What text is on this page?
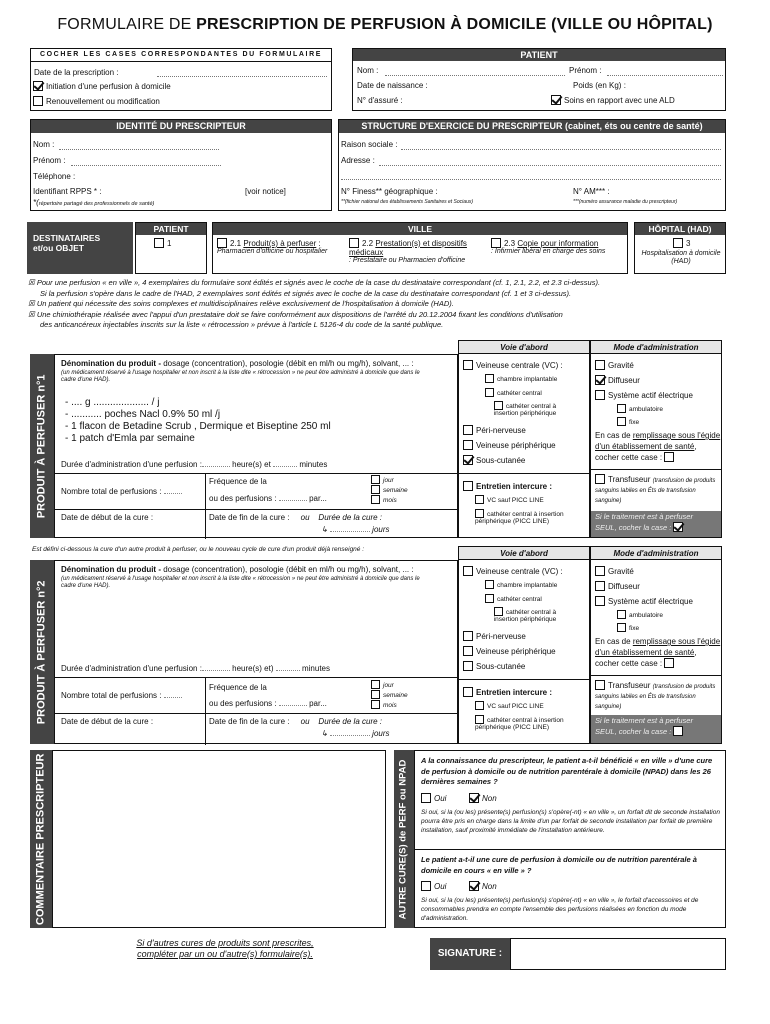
FORMULAIRE DE PRESCRIPTION DE PERFUSION À DOMICILE (VILLE OU HÔPITAL)
COCHER LES CASES CORRESPONDANTES DU FORMULAIRE
Date de la prescription :
Initiation d'une perfusion à domicile
Renouvellement ou modification
PATIENT
Nom :	Prénom :
Date de naissance :	Poids (en Kg) :
N° d'assuré :	Soins en rapport avec une ALD
IDENTITÉ DU PRESCRIPTEUR
Nom :
Prénom :
Téléphone :
Identifiant RPPS * :	[voir notice]
*(répertoire partagé des professionnels de santé)
STRUCTURE D'EXERCICE DU PRESCRIPTEUR (cabinet, éts ou centre de santé)
Raison sociale :
Adresse :
N° Finess** géographique :	N° AM*** :
**(fichier national des établissements Sanitaires et Sociaux)	***(numéro assurance maladie du prescripteur)
DESTINATAIRES
et/ou OBJET
PATIENT
1
VILLE
2.1 Produit(s) à perfuser :
Pharmacien d'officine ou hospitalier
2.2 Prestation(s) et dispositifs médicaux
: Prestataire ou Pharmacien d'officine
2.3 Copie pour information
: Infirmier libéral en charge des soins
HÔPITAL (HAD)
3
Hospitalisation à domicile (HAD)
☒ Pour une perfusion « en ville », 4 exemplaires du formulaire sont édités et signés avec le coche de la case du destinataire correspondant (cf. 1, 2.1, 2.2, et 2.3 ci-dessus).
Si la perfusion s'opère dans le cadre de l'HAD, 2 exemplaires sont édités et signés avec le coche de la case du destinataire correspondant (cf. 1 et 3 ci-dessus).
☒ Un patient qui nécessite des soins complexes et multidisciplinaires relève exclusivement de l'hospitalisation à domicile (HAD).
☒ Une chimiothérapie réalisée avec l'appui d'un prestataire doit se faire conformément aux dispositions de l'arrêté du 20.12.2004 fixant les conditions d'utilisation
des anticancéreux injectables inscrits sur la liste « rétrocession » prévue à l'article L 5126-4 du code de la santé publique.
PRODUIT À PERFUSER n°1
Dénomination du produit - dosage (concentration), posologie (débit en ml/h ou mg/h), solvant, ... :
(un médicament réservé à l'usage hospitalier et non inscrit à la liste dite « rétrocession » ne peut être administré à domicile que dans le cadre d'une HAD).
- .... g .................... / j
- ........... poches Nacl 0.9% 50 ml /j
- 1 flacon de Betadine Scrub , Dermique et Biseptine 250 ml
- 1 patch d'Emla par semaine
Durée d'administration d'une perfusion :	heure(s) et	minutes
Nombre total de perfusions :
Fréquence de la
ou des perfusions :	par...
jour
semaine
mois
Date de début de la cure :	Date de fin de la cure : ou Durée de la cure :
↳	jours
Voie d'abord
Veineuse centrale (VC) :
chambre implantable
cathéter central
cathéter central à insertion périphérique
Péri-nerveuse
Veineuse périphérique
Sous-cutanée
Entretien intercure :
VC sauf PICC LINE
cathéter central à insertion périphérique (PICC LINE)
Mode d'administration
Gravité
Diffuseur
Système actif électrique
ambulatoire
fixe
En cas de remplissage sous l'égide d'un établissement de santé, cocher cette case :
Transfuseur (transfusion de produits sanguins labiles en Éts de transfusion sanguine)
Si le traitement est à perfuser
SEUL, cocher la case :
Est défini ci-dessous la cure d'un autre produit à perfuser, ou le nouveau cycle de cure d'un produit déjà renseigné :
PRODUIT À PERFUSER n°2
Dénomination du produit - dosage (concentration), posologie (débit en ml/h ou mg/h), solvant, ... :
(un médicament réservé à l'usage hospitalier et non inscrit à la liste dite « rétrocession » ne peut être administré à domicile que dans le cadre d'une HAD).
Durée d'administration d'une perfusion :	heure(s) et)	minutes
Nombre total de perfusions :
Fréquence de la
ou des perfusions :	par...
jour
semaine
mois
Date de début de la cure :	Date de fin de la cure : ou Durée de la cure :
↳	jours
Voie d'abord
Veineuse centrale (VC) :
chambre implantable
cathéter central
cathéter central à insertion périphérique
Péri-nerveuse
Veineuse périphérique
Sous-cutanée
Entretien intercure :
VC sauf PICC LINE
cathéter central à insertion périphérique (PICC LINE)
Mode d'administration
Gravité
Diffuseur
Système actif électrique
ambulatoire
fixe
En cas de remplissage sous l'égide d'un établissement de santé, cocher cette case :
Transfuseur (transfusion de produits sanguins labiles en Éts de transfusion sanguine)
Si le traitement est à perfuser
SEUL, cocher la case :
COMMENTAIRE PRESCRIPTEUR	AUTRE CURE(S) de PERF ou NPAD A la connaissance du prescripteur, le patient a-t-il bénéficié « en ville » d'une cure de perfusion à domicile ou de nutrition parentérale à domicile (NPAD) dans les 26 dernières semaines ?
Oui	Non
Si oui, si la (ou les) présente(s) perfusion(s) s'opère(-nt) « en ville », un forfait dit de seconde installation pourra être pris en charge dans la limite d'un par forfait de seconde installation par forfait de première installation, sauf proximité immédiate de l'installation antérieure.
Le patient a-t-il une cure de perfusion à domicile ou de nutrition parentérale à domicile en cours « en ville » ?
Oui	Non
Si oui, si la (ou les) présente(s) perfusion(s) s'opère(-nt) « en ville », le forfait d'accessoires et de consommables prendra en compte l'ensemble des perfusions réalisées en fonction du mode d'administration.
Si d'autres cures de produits sont prescrites,
compléter par un ou d'autre(s) formulaire(s).	SIGNATURE :
